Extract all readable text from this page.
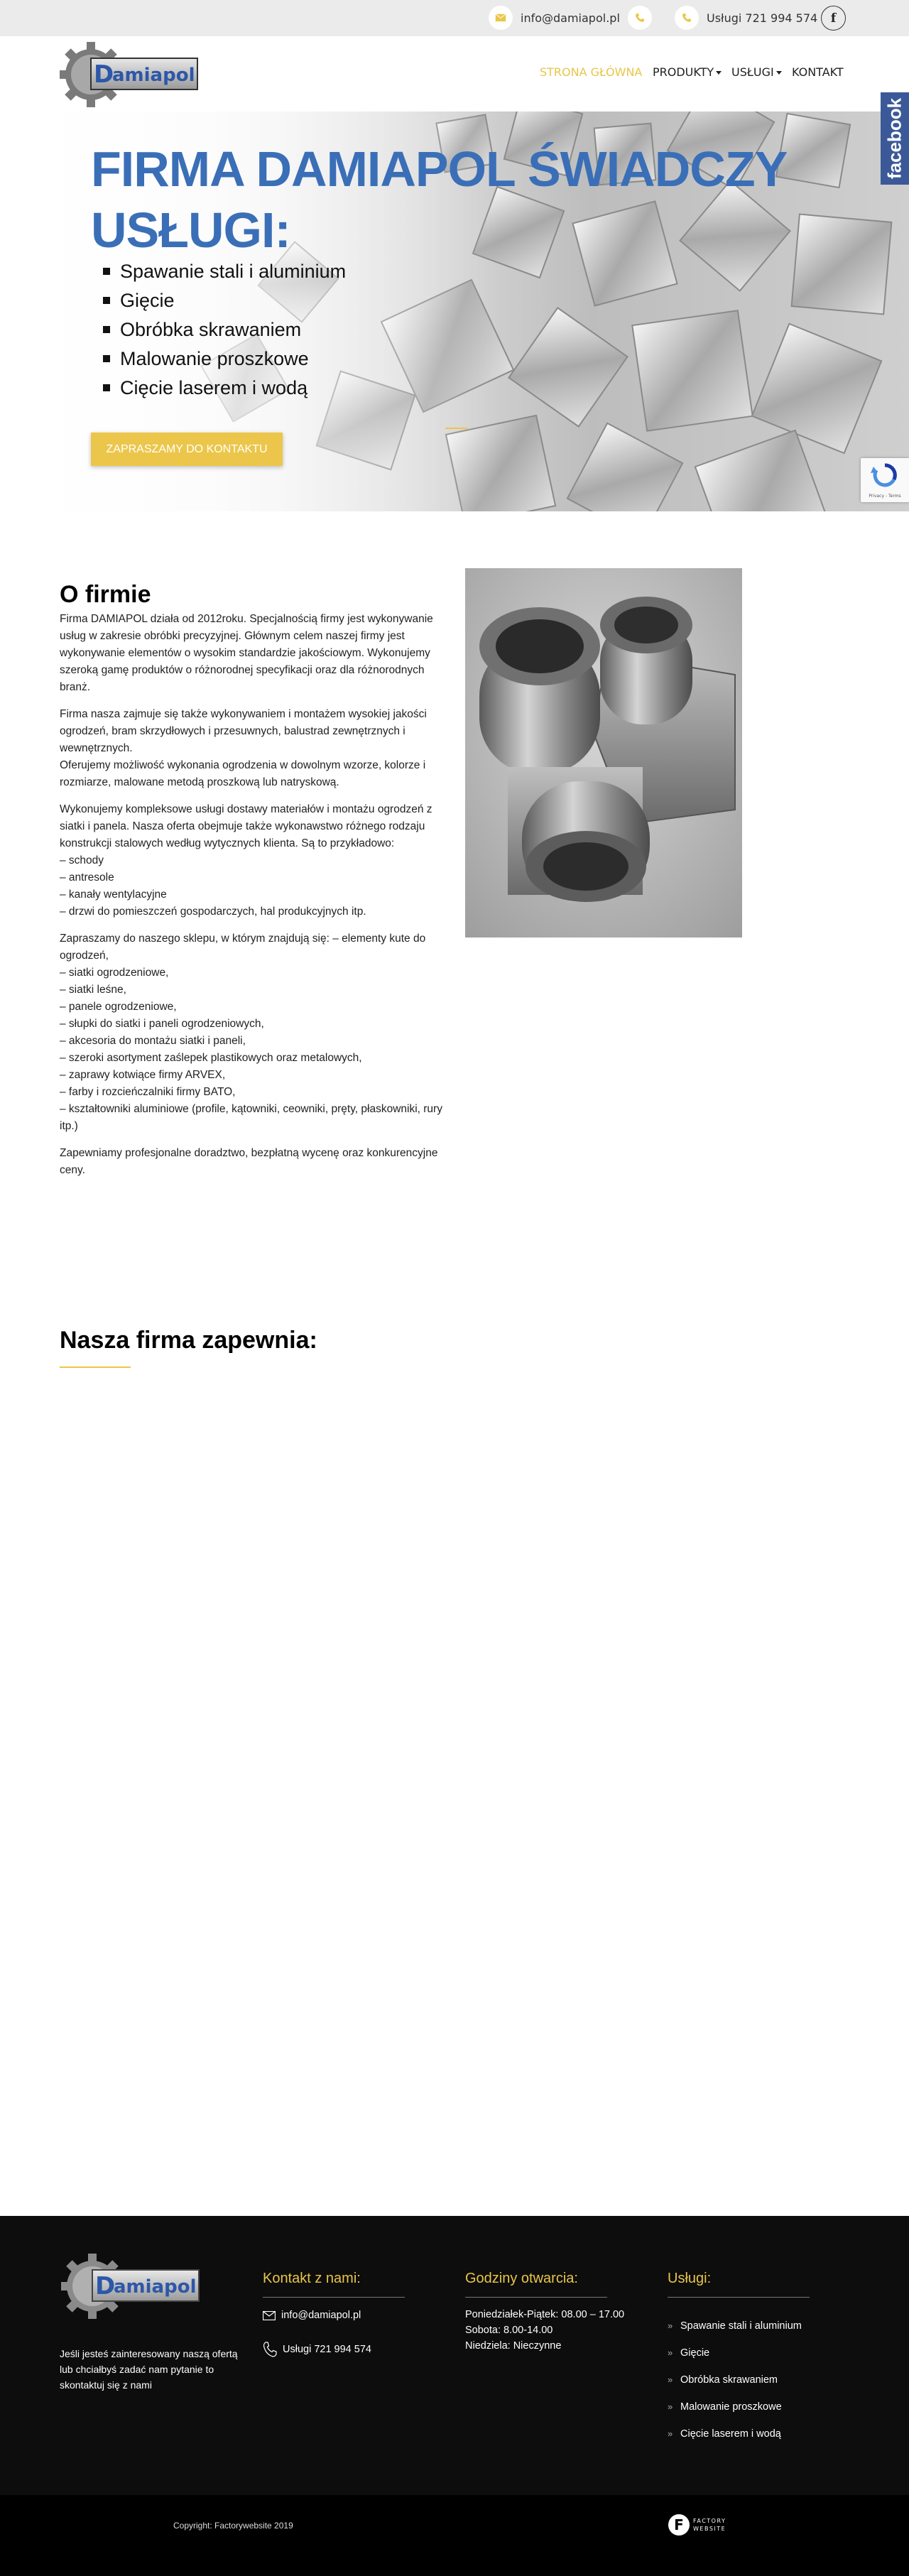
info@damiapol.pl	Usługi 721 994 574	f
D
amiapol	STRONA GŁÓWNA PRODUKTY	USŁUGI	KONTAKT
FIRMA DAMIAPOL ŚWIADCZY USŁUGI:
Spawanie stali i aluminium
Gięcie
Obróbka skrawaniem
Malowanie proszkowe
Cięcie laserem i wodą
ZAPRASZAMY DO KONTAKTU
facebook
Privacy - Terms
O firmie

Firma DAMIAPOL działa od 2012roku. Specjalnością firmy jest wykonywanie usług w zakresie obróbki precyzyjnej. Głównym celem naszej firmy jest wykonywanie elementów o wysokim standardzie jakościowym. Wykonujemy szeroką gamę produktów o różnorodnej specyfikacji oraz dla różnorodnych branż.

Firma nasza zajmuje się także wykonywaniem i montażem wysokiej jakości ogrodzeń, bram skrzydłowych i przesuwnych, balustrad zewnętrznych i wewnętrznych.
Oferujemy możliwość wykonania ogrodzenia w dowolnym wzorze, kolorze i rozmiarze, malowane metodą proszkową lub natryskową.

Wykonujemy kompleksowe usługi dostawy materiałów i montażu ogrodzeń z siatki i panela. Nasza oferta obejmuje także wykonawstwo różnego rodzaju konstrukcji stalowych według wytycznych klienta. Są to przykładowo:
– schody
– antresole
– kanały wentylacyjne
– drzwi do pomieszczeń gospodarczych, hal produkcyjnych itp.

Zapraszamy do naszego sklepu, w którym znajdują się: – elementy kute do ogrodzeń,
– siatki ogrodzeniowe,
– siatki leśne,
– panele ogrodzeniowe,
– słupki do siatki i paneli ogrodzeniowych,
– akcesoria do montażu siatki i paneli,
– szeroki asortyment zaślepek plastikowych oraz metalowych,
– zaprawy kotwiące firmy ARVEX,
– farby i rozcieńczalniki firmy BATO,
– kształtowniki aluminiowe (profile, kątowniki, ceowniki, pręty, płaskowniki, rury itp.)

Zapewniamy profesjonalne doradztwo, bezpłatną wycenę oraz konkurencyjne ceny.

Nasza firma zapewnia:
D
amiapol
Jeśli jesteś zainteresowany naszą ofertą lub chciałbyś zadać nam pytanie to skontaktuj się z nami
Kontakt z nami:
info@damiapol.pl
Usługi 721 994 574
Godziny otwarcia:
Poniedziałek-Piątek: 08.00 – 17.00
Sobota: 8.00-14.00
Niedziela: Nieczynne
Usługi:
» Spawanie stali i aluminium
» Gięcie
» Obróbka skrawaniem
» Malowanie proszkowe
» Cięcie laserem i wodą
Copyright: Factorywebsite 2019	F FACTORY WEBSITE
